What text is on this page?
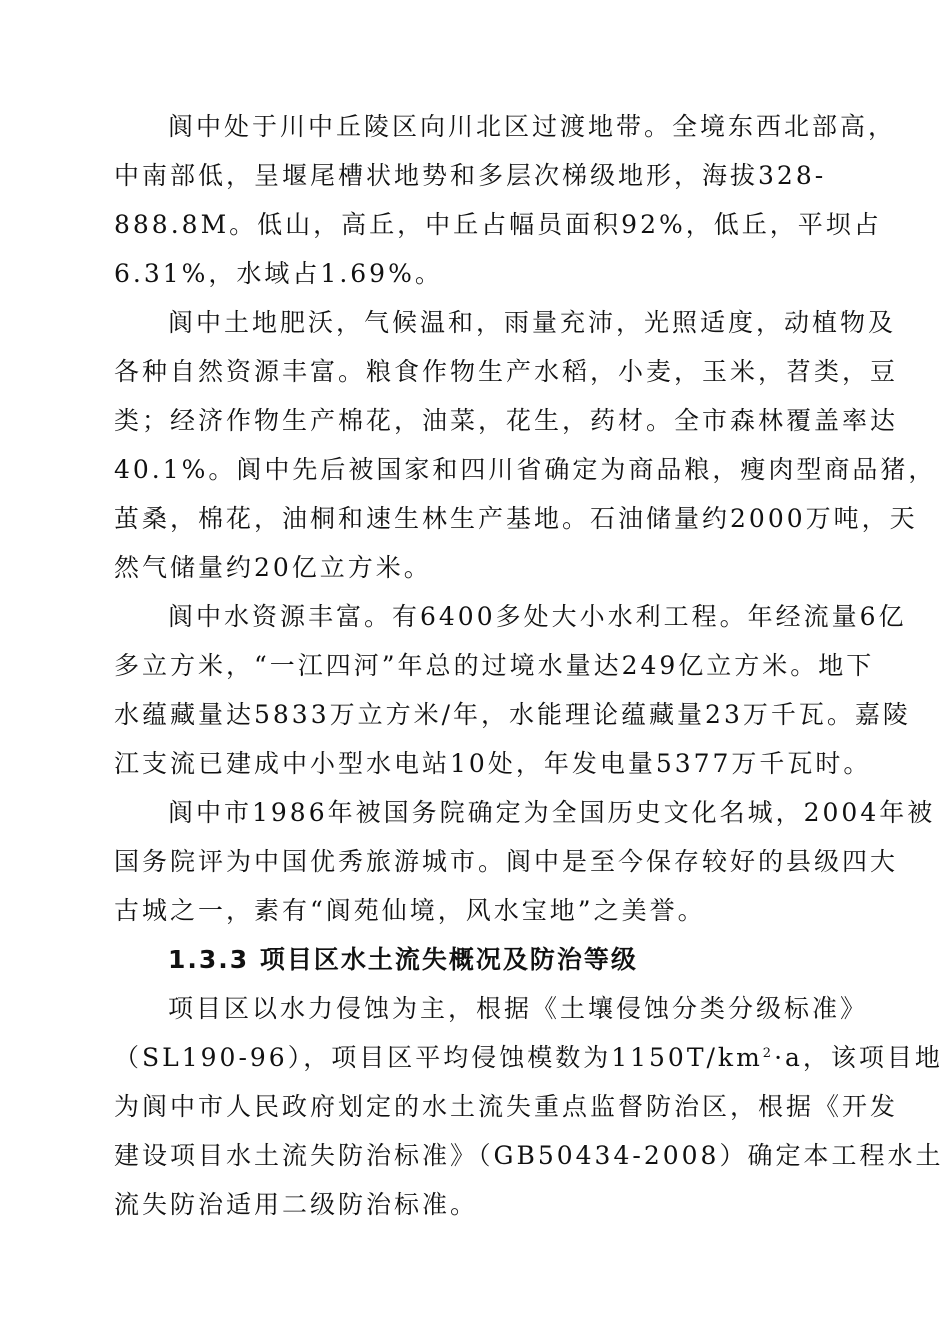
阆中处于川中丘陵区向川北区过渡地带。全境东西北部高，
中南部低，呈堰尾槽状地势和多层次梯级地形，海拔328-
888.8M。低山，高丘，中丘占幅员面积92%，低丘，平坝占
6.31%，水域占1.69%。
阆中土地肥沃，气候温和，雨量充沛，光照适度，动植物及
各种自然资源丰富。粮食作物生产水稻，小麦，玉米，苕类，豆
类；经济作物生产棉花，油菜，花生，药材。全市森林覆盖率达
40.1%。阆中先后被国家和四川省确定为商品粮，瘦肉型商品猪，
茧桑，棉花，油桐和速生林生产基地。石油储量约2000万吨，天
然气储量约20亿立方米。
阆中水资源丰富。有6400多处大小水利工程。年经流量6亿
多立方米，“一江四河”年总的过境水量达249亿立方米。地下
水蕴藏量达5833万立方米/年，水能理论蕴藏量23万千瓦。嘉陵
江支流已建成中小型水电站10处，年发电量5377万千瓦时。
阆中市1986年被国务院确定为全国历史文化名城，2004年被
国务院评为中国优秀旅游城市。阆中是至今保存较好的县级四大
古城之一，素有“阆苑仙境，风水宝地”之美誉。
1.3.3 项目区水土流失概况及防治等级
项目区以水力侵蚀为主，根据《土壤侵蚀分类分级标准》
（SL190-96），项目区平均侵蚀模数为$1150T/km^2\cdot a$，该项目地
为阆中市人民政府划定的水土流失重点监督防治区，根据《开发
建设项目水土流失防治标准》（GB50434-2008）确定本工程水土
流失防治适用二级防治标准。
